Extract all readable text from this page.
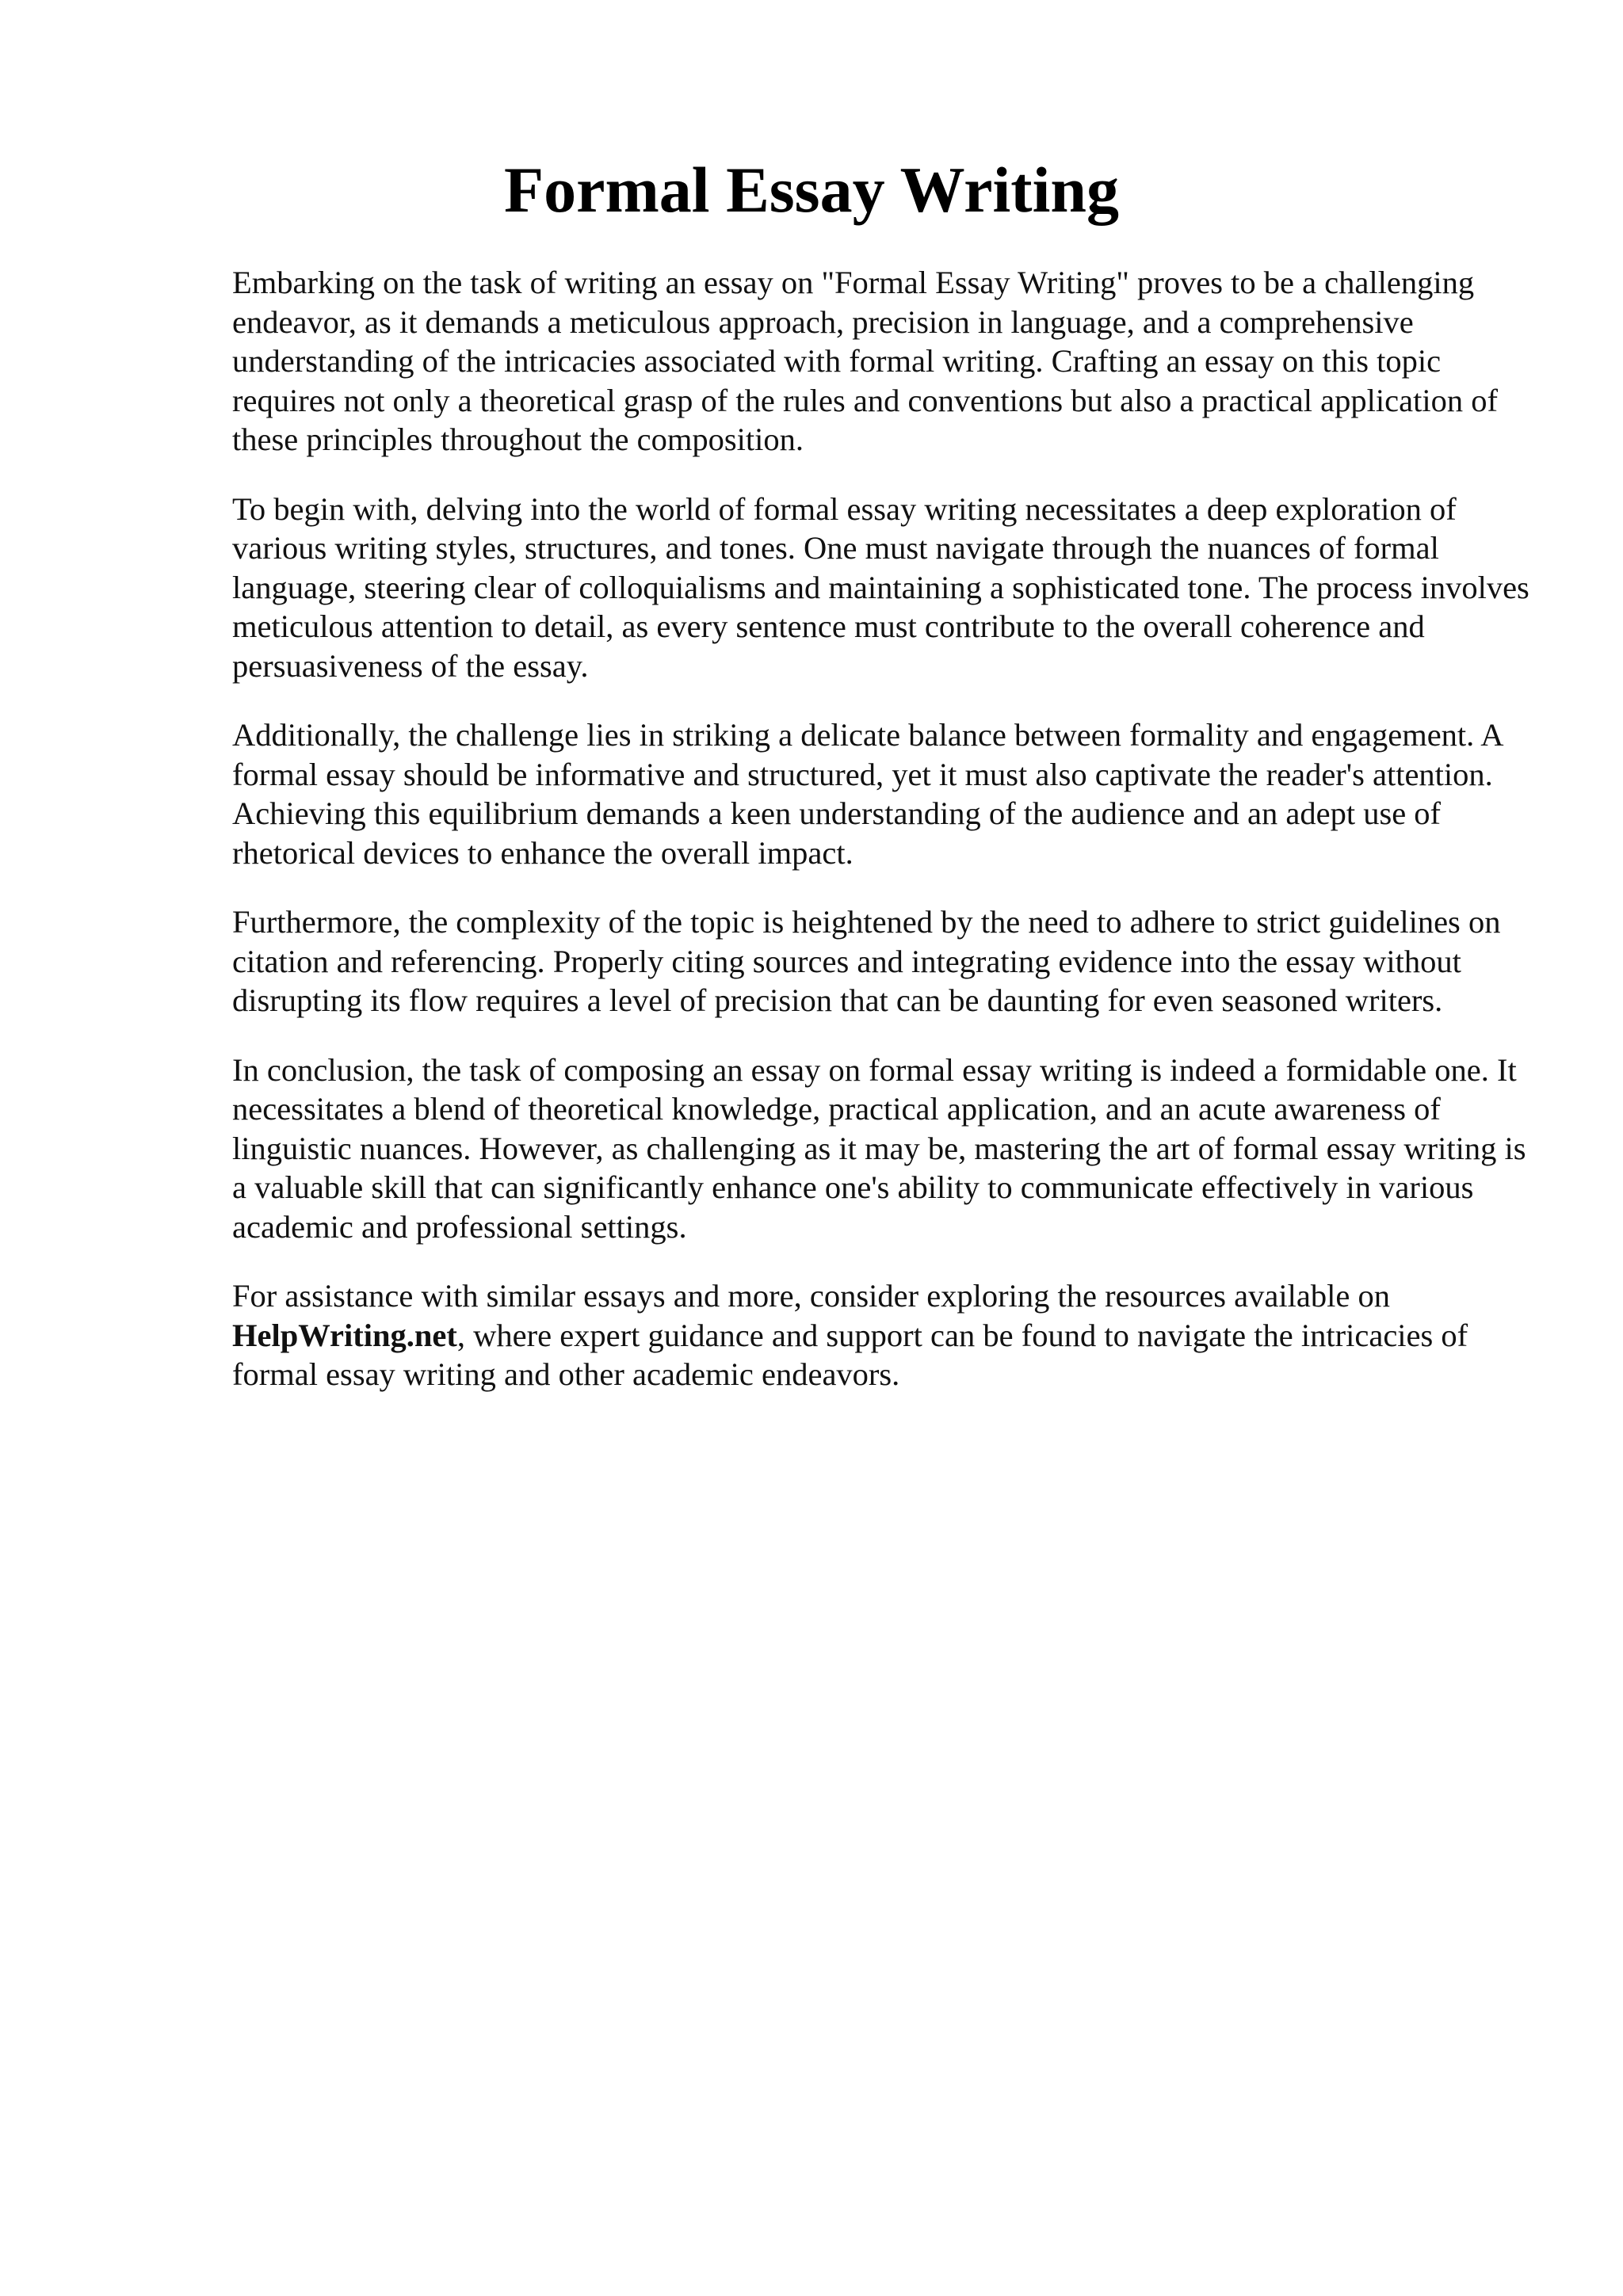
Formal Essay Writing

Embarking on the task of writing an essay on "Formal Essay Writing" proves to be a challenging endeavor, as it demands a meticulous approach, precision in language, and a comprehensive understanding of the intricacies associated with formal writing. Crafting an essay on this topic requires not only a theoretical grasp of the rules and conventions but also a practical application of these principles throughout the composition.

To begin with, delving into the world of formal essay writing necessitates a deep exploration of various writing styles, structures, and tones. One must navigate through the nuances of formal language, steering clear of colloquialisms and maintaining a sophisticated tone. The process involves meticulous attention to detail, as every sentence must contribute to the overall coherence and persuasiveness of the essay.

Additionally, the challenge lies in striking a delicate balance between formality and engagement. A formal essay should be informative and structured, yet it must also captivate the reader's attention. Achieving this equilibrium demands a keen understanding of the audience and an adept use of rhetorical devices to enhance the overall impact.

Furthermore, the complexity of the topic is heightened by the need to adhere to strict guidelines on citation and referencing. Properly citing sources and integrating evidence into the essay without disrupting its flow requires a level of precision that can be daunting for even seasoned writers.

In conclusion, the task of composing an essay on formal essay writing is indeed a formidable one. It necessitates a blend of theoretical knowledge, practical application, and an acute awareness of linguistic nuances. However, as challenging as it may be, mastering the art of formal essay writing is a valuable skill that can significantly enhance one's ability to communicate effectively in various academic and professional settings.

For assistance with similar essays and more, consider exploring the resources available on HelpWriting.net, where expert guidance and support can be found to navigate the intricacies of formal essay writing and other academic endeavors.
